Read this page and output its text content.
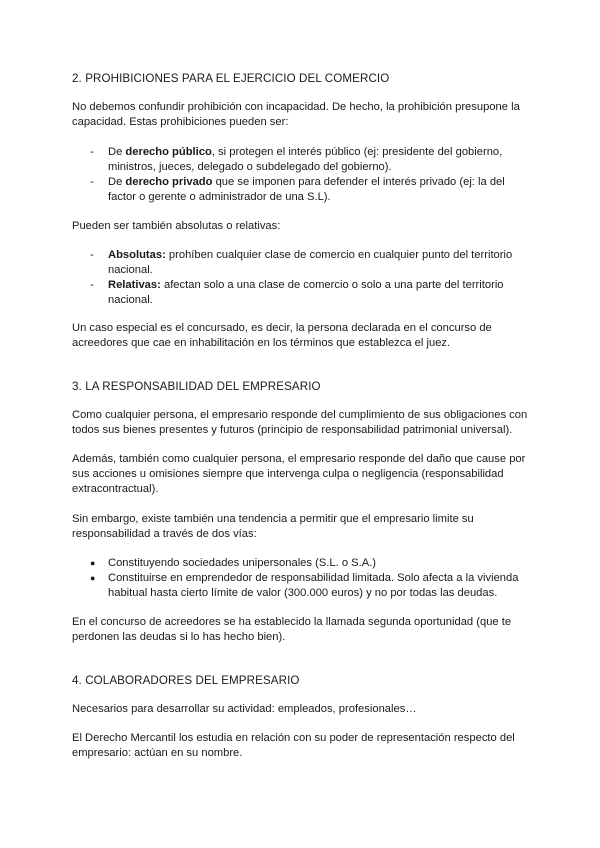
2. PROHIBICIONES PARA EL EJERCICIO DEL COMERCIO

No debemos confundir prohibición con incapacidad. De hecho, la prohibición presupone la capacidad. Estas prohibiciones pueden ser:

- De derecho público, si protegen el interés público (ej: presidente del gobierno, ministros, jueces, delegado o subdelegado del gobierno).
- De derecho privado que se imponen para defender el interés privado (ej: la del factor o gerente o administrador de una S.L).

Pueden ser también absolutas o relativas:

- Absolutas: prohíben cualquier clase de comercio en cualquier punto del territorio nacional.
- Relativas: afectan solo a una clase de comercio o solo a una parte del territorio nacional.

Un caso especial es el concursado, es decir, la persona declarada en el concurso de acreedores que cae en inhabilitación en los términos que establezca el juez.

3. LA RESPONSABILIDAD DEL EMPRESARIO

Como cualquier persona, el empresario responde del cumplimiento de sus obligaciones con todos sus bienes presentes y futuros (principio de responsabilidad patrimonial universal).

Además, también como cualquier persona, el empresario responde del daño que cause por sus acciones u omisiones siempre que intervenga culpa o negligencia (responsabilidad extracontractual).

Sin embargo, existe también una tendencia a permitir que el empresario limite su responsabilidad a través de dos vías:

● Constituyendo sociedades unipersonales (S.L. o S.A.)
● Constituirse en emprendedor de responsabilidad limitada. Solo afecta a la vivienda habitual hasta cierto límite de valor (300.000 euros) y no por todas las deudas.

En el concurso de acreedores se ha establecido la llamada segunda oportunidad (que te perdonen las deudas si lo has hecho bien).

4. COLABORADORES DEL EMPRESARIO

Necesarios para desarrollar su actividad: empleados, profesionales…

El Derecho Mercantil los estudia en relación con su poder de representación respecto del empresario: actúan en su nombre.
